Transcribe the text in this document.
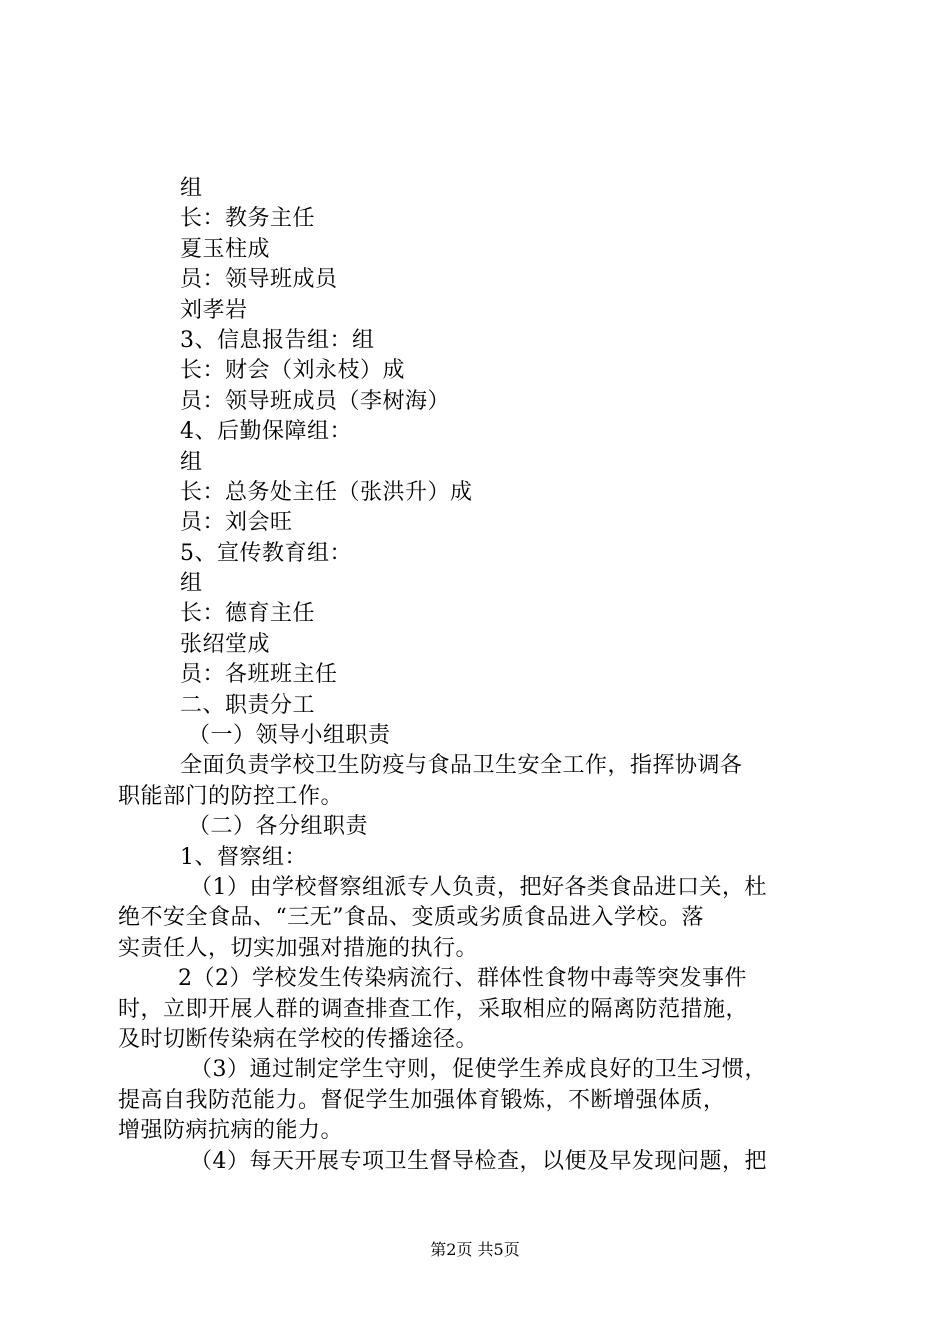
组
长：教务主任
夏玉柱成
员：领导班成员
刘孝岩
3、信息报告组：组
长：财会（刘永枝）成
员：领导班成员（李树海）
4、后勤保障组：
组
长：总务处主任（张洪升）成
员：刘会旺
5、宣传教育组：
组
长：德育主任
张绍堂成
员：各班班主任
二、职责分工
（一）领导小组职责
全面负责学校卫生防疫与食品卫生安全工作，指挥协调各
职能部门的防控工作。
（二）各分组职责
1、督察组：
（1）由学校督察组派专人负责，把好各类食品进口关，杜
绝不安全食品、“三无”食品、变质或劣质食品进入学校。落
实责任人，切实加强对措施的执行。
2（2）学校发生传染病流行、群体性食物中毒等突发事件
时，立即开展人群的调查排查工作，采取相应的隔离防范措施，
及时切断传染病在学校的传播途径。
（3）通过制定学生守则，促使学生养成良好的卫生习惯，
提高自我防范能力。督促学生加强体育锻炼，不断增强体质，
增强防病抗病的能力。
（4）每天开展专项卫生督导检查，以便及早发现问题，把
第2页 共5页
